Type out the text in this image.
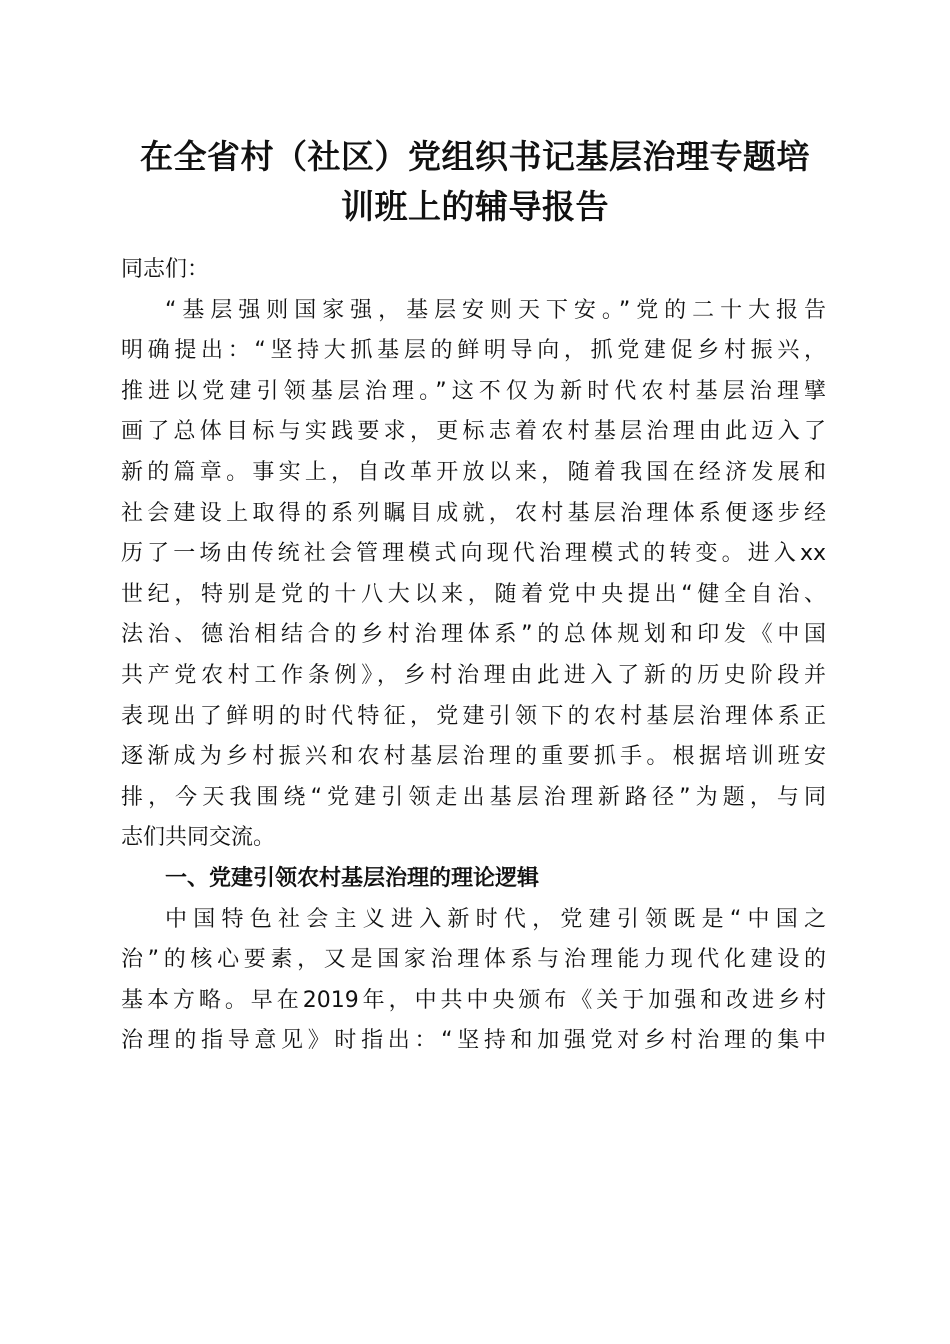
在全省村（社区）党组织书记基层治理专题培
训班上的辅导报告

同志们：

“基层强则国家强，基层安则天下安。”党的二十大报告
明确提出：“坚持大抓基层的鲜明导向，抓党建促乡村振兴，
推进以党建引领基层治理。”这不仅为新时代农村基层治理擘
画了总体目标与实践要求，更标志着农村基层治理由此迈入了
新的篇章。事实上，自改革开放以来，随着我国在经济发展和
社会建设上取得的系列瞩目成就，农村基层治理体系便逐步经
历了一场由传统社会管理模式向现代治理模式的转变。进入xx
世纪，特别是党的十八大以来，随着党中央提出“健全自治、
法治、德治相结合的乡村治理体系”的总体规划和印发《中国
共产党农村工作条例》，乡村治理由此进入了新的历史阶段并
表现出了鲜明的时代特征，党建引领下的农村基层治理体系正
逐渐成为乡村振兴和农村基层治理的重要抓手。根据培训班安
排，今天我围绕“党建引领走出基层治理新路径”为题，与同
志们共同交流。

一、党建引领农村基层治理的理论逻辑

中国特色社会主义进入新时代，党建引领既是“中国之
治”的核心要素，又是国家治理体系与治理能力现代化建设的
基本方略。早在2019年，中共中央颁布《关于加强和改进乡村
治理的指导意见》时指出：“坚持和加强党对乡村治理的集中
